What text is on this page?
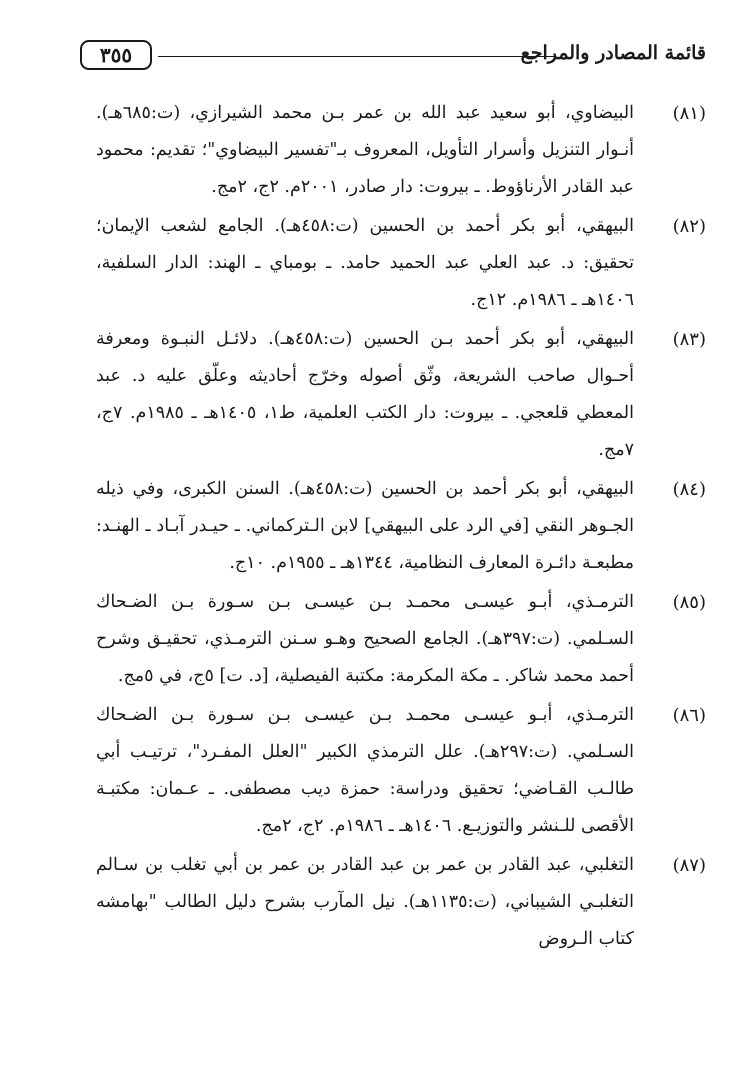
قائمة المصادر والمراجع
٣٥٥
(٨١)
البيضاوي، أبو سعيد عبد الله بن عمر بـن محمد الشيرازي، (ت:٦٨٥هـ). أنـوار التنزيل وأسرار التأويل، المعروف بـ"تفسير البيضاوي"؛ تقديم: محمود عبد القادر الأرناؤوط. ـ بيروت: دار صادر، ٢٠٠١م. ٢ج، ٢مج.
(٨٢)
البيهقي، أبو بكر أحمد بن الحسين (ت:٤٥٨هـ). الجامع لشعب الإيمان؛ تحقيق: د. عبد العلي عبد الحميد حامد. ـ بومباي ـ الهند: الدار السلفية، ١٤٠٦هـ ـ ١٩٨٦م. ١٢ج.
(٨٣)
البيهقي، أبو بكر أحمد بـن الحسين (ت:٤٥٨هـ). دلائـل النبـوة ومعرفة أحـوال صاحب الشريعة، وثّق أصوله وخرّج أحاديثه وعلّق عليه د. عبد المعطي قلعجي. ـ بيروت: دار الكتب العلمية، ط١، ١٤٠٥هـ ـ ١٩٨٥م. ٧ج، ٧مج.
(٨٤)
البيهقي، أبو بكر أحمد بن الحسين (ت:٤٥٨هـ). السنن الكبرى، وفي ذيله الجـوهر النقي [في الرد على البيهقي] لابن الـتركماني. ـ حيـدر آبـاد ـ الهنـد: مطبعـة دائـرة المعارف النظامية، ١٣٤٤هـ ـ ١٩٥٥م. ١٠ج.
(٨٥)
الترمـذي، أبـو عيسـى محمـد بـن عيسـى بـن سـورة بـن الضـحاك السـلمي. (ت:٣٩٧هـ). الجامع الصحيح وهـو سـنن الترمـذي، تحقيـق وشرح أحمد محمد شاكر. ـ مكة المكرمة: مكتبة الفيصلية، [د. ت] ٥ج، في ٥مج.
(٨٦)
الترمـذي، أبـو عيسـى محمـد بـن عيسـى بـن سـورة بـن الضـحاك السـلمي. (ت:٢٩٧هـ). علل الترمذي الكبير "العلل المفـرد"، ترتيـب أبي طالـب القـاضي؛ تحقيق ودراسة: حمزة ديب مصطفى. ـ عـمان: مكتبـة الأقصى للـنشر والتوزيـع. ١٤٠٦هـ ـ ١٩٨٦م. ٢ج، ٢مج.
(٨٧)
التغلبي، عبد القادر بن عمر بن عبد القادر بن عمر بن أبي تغلب بن سـالم التغلبـي الشيباني، (ت:١١٣٥هـ). نيل المآرب بشرح دليل الطالب "بهامشه كتاب الـروض
